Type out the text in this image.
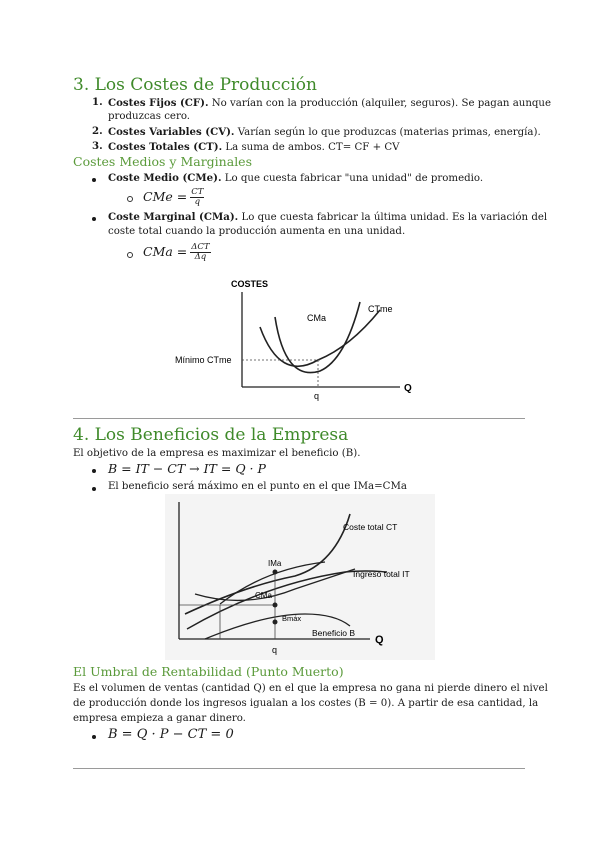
3. Los Costes de Producción
1. Costes Fijos (CF). No varían con la producción (alquiler, seguros). Se pagan aunque
produzcas cero.
2. Costes Variables (CV). Varían según lo que produzcas (materias primas, energía).
3. Costes Totales (CT). La suma de ambos. CT= CF + CV
Costes Medios y Marginales
Coste Medio (CMe). Lo que cuesta fabricar "una unidad" de promedio.
CMe = $\frac{CT}{q}$
Coste Marginal (CMa). Lo que cuesta fabricar la última unidad. Es la variación del
coste total cuando la producción aumenta en una unidad.
CMa = $\frac{\text{ΔCT}}{\Delta q}$
COSTES
Q
CMa
CTme
Mínimo CTme
q
4. Los Beneficios de la Empresa
El objetivo de la empresa es maximizar el beneficio (B).
B = IT − CT → IT = Q · P
El beneficio será máximo en el punto en el que IMa=CMa
Q
Coste total CT
Ingreso total IT
Beneficio B
IMa
CMa
Bmáx
q
El Umbral de Rentabilidad (Punto Muerto)
Es el volumen de ventas (cantidad Q) en el que la empresa no gana ni pierde dinero el nivel
de producción donde los ingresos igualan a los costes (B = 0). A partir de esa cantidad, la
empresa empieza a ganar dinero.
B = Q · P − CT = 0
